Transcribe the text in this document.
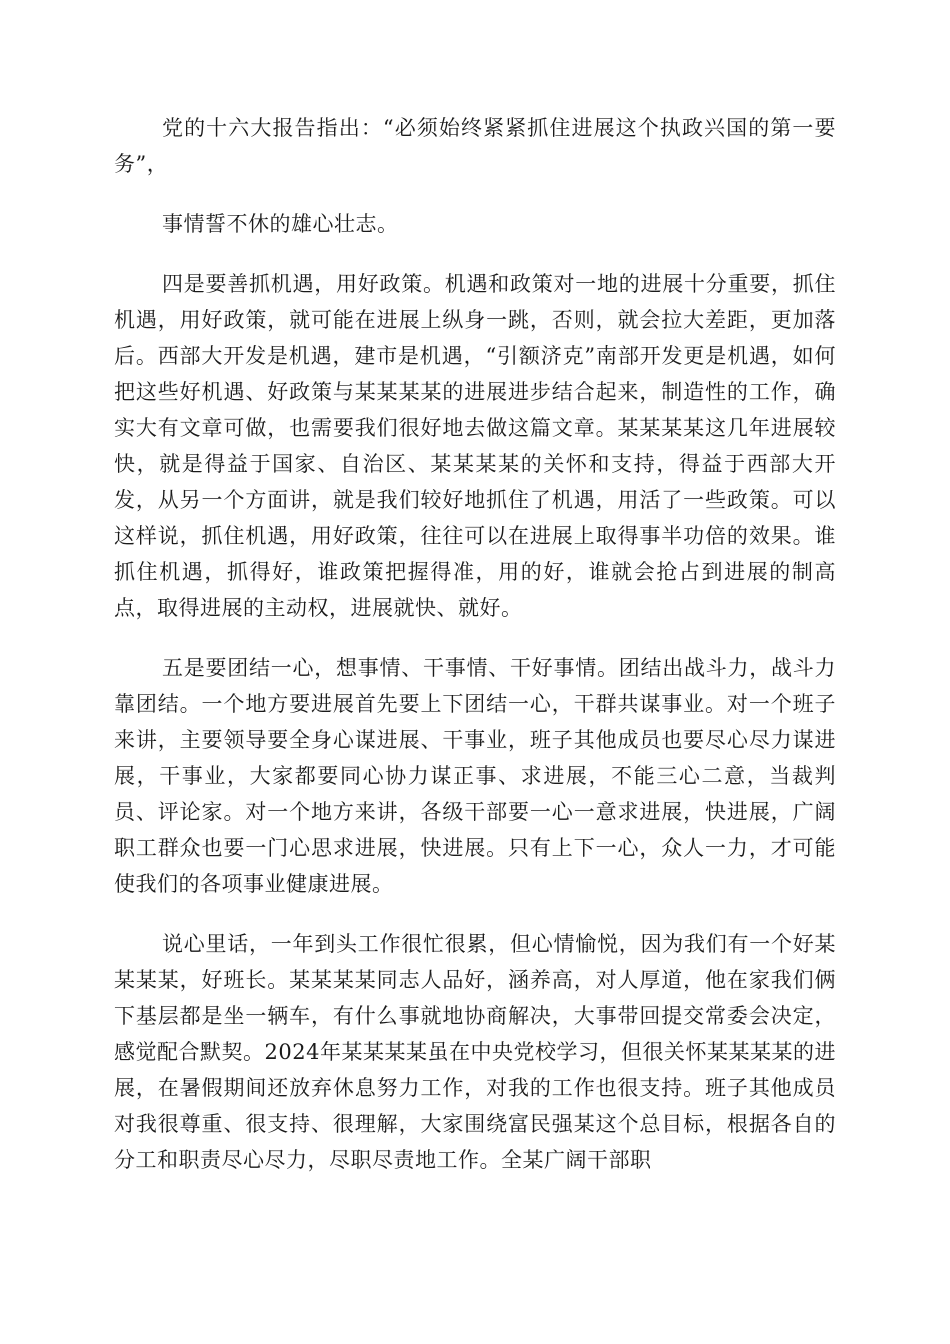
党的十六大报告指出：“必须始终紧紧抓住进展这个执政兴国的第一要务”，

事情誓不休的雄心壮志。

四是要善抓机遇，用好政策。机遇和政策对一地的进展十分重要，抓住机遇，用好政策，就可能在进展上纵身一跳，否则，就会拉大差距，更加落后。西部大开发是机遇，建市是机遇，“引额济克”南部开发更是机遇，如何把这些好机遇、好政策与某某某某的进展进步结合起来，制造性的工作，确实大有文章可做，也需要我们很好地去做这篇文章。某某某某这几年进展较快，就是得益于国家、自治区、某某某某的关怀和支持，得益于西部大开发，从另一个方面讲，就是我们较好地抓住了机遇，用活了一些政策。可以这样说，抓住机遇，用好政策，往往可以在进展上取得事半功倍的效果。谁抓住机遇，抓得好，谁政策把握得准，用的好，谁就会抢占到进展的制高点，取得进展的主动权，进展就快、就好。

五是要团结一心，想事情、干事情、干好事情。团结出战斗力，战斗力靠团结。一个地方要进展首先要上下团结一心，干群共谋事业。对一个班子来讲，主要领导要全身心谋进展、干事业，班子其他成员也要尽心尽力谋进展，干事业，大家都要同心协力谋正事、求进展，不能三心二意，当裁判员、评论家。对一个地方来讲，各级干部要一心一意求进展，快进展，广阔职工群众也要一门心思求进展，快进展。只有上下一心，众人一力，才可能使我们的各项事业健康进展。

说心里话，一年到头工作很忙很累，但心情愉悦，因为我们有一个好某某某某，好班长。某某某某同志人品好，涵养高，对人厚道，他在家我们俩下基层都是坐一辆车，有什么事就地协商解决，大事带回提交常委会决定，感觉配合默契。2024年某某某某虽在中央党校学习，但很关怀某某某某的进展，在暑假期间还放弃休息努力工作，对我的工作也很支持。班子其他成员对我很尊重、很支持、很理解，大家围绕富民强某这个总目标，根据各自的分工和职责尽心尽力，尽职尽责地工作。全某广阔干部职
